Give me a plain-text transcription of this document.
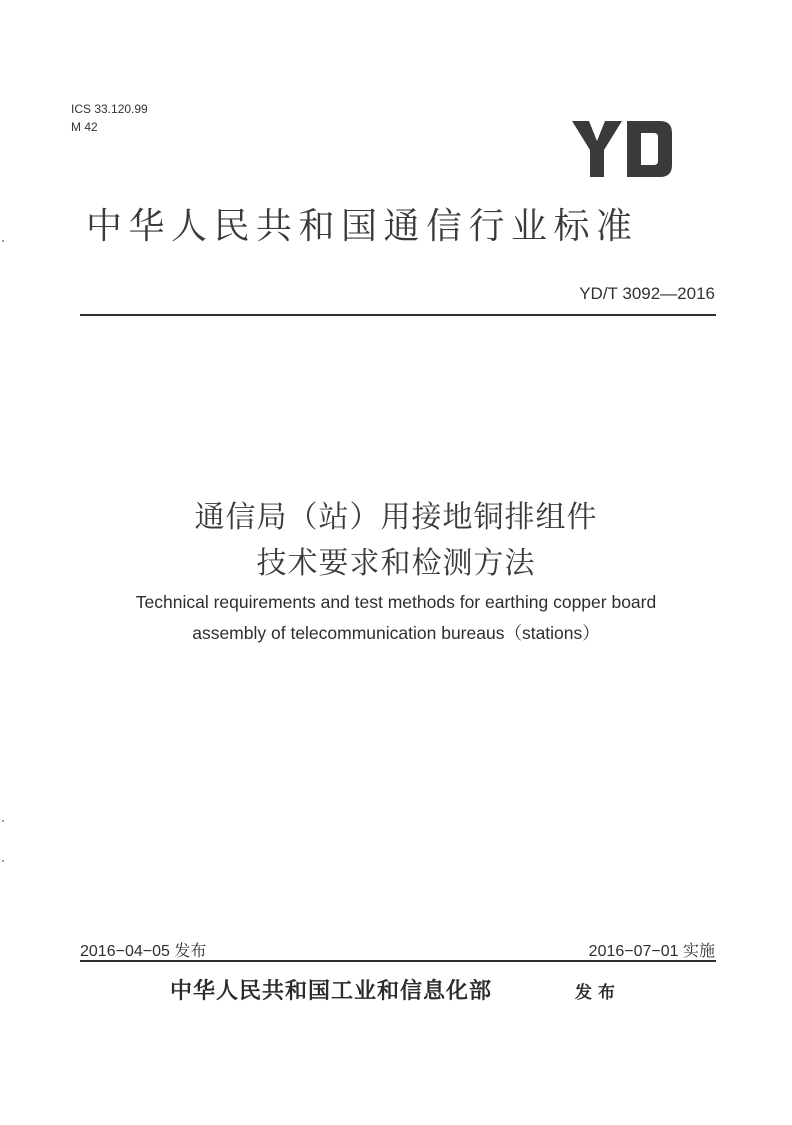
ICS 33.120.99
M 42
中华人民共和国通信行业标准
YD/T 3092—2016
通信局（站）用接地铜排组件
技术要求和检测方法
Technical requirements and test methods for earthing copper board
assembly of telecommunication bureaus（stations）
2016−04−05 发布	2016−07−01 实施
中华人民共和国工业和信息化部	发布
